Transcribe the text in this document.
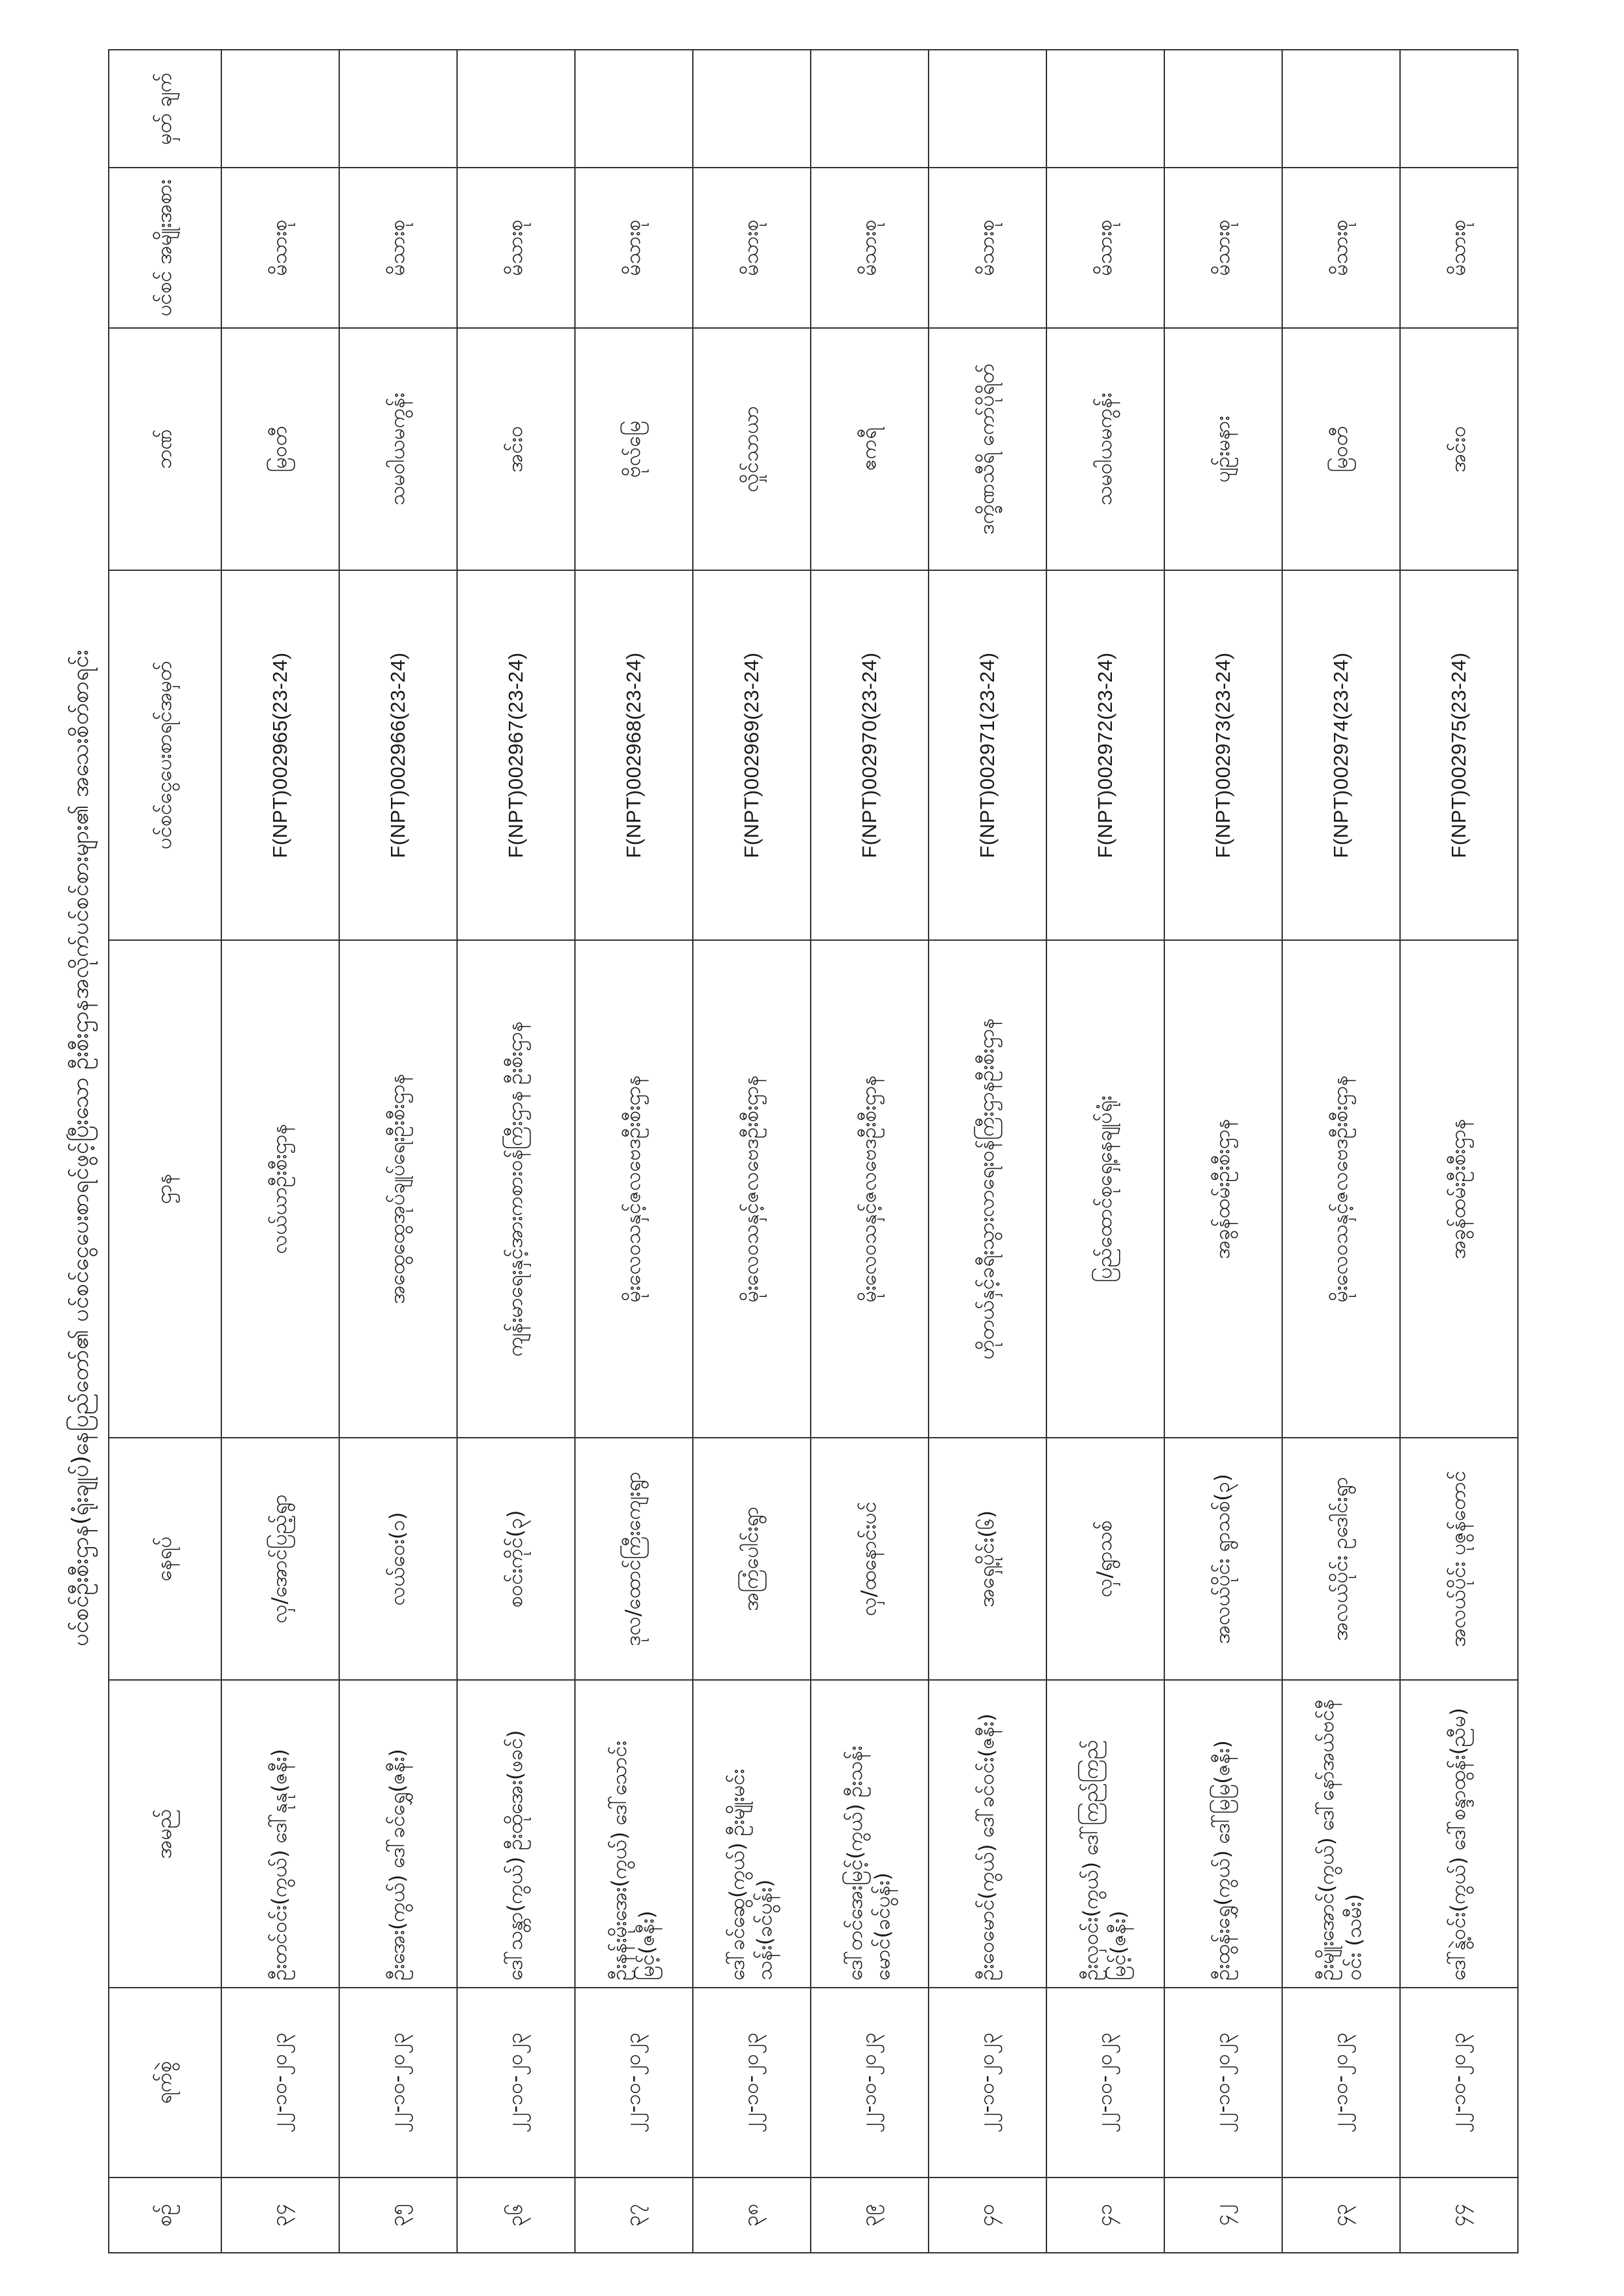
ပင်စင်ဦးစီးဌာန(ရုံးချုပ်)နေပြည်တော်၏ ပင်စင်ငွေပေးစာရင်ဖွင့်ပြီးသော ဦးစီးဌာနအလိုက်ပင်စင်စားများ၏ အသေးစိတ်စာရင်း
စဉ်	ရက်စွဲ	အမည်	နေရပ်	ဌာန	ပင်စင်ငွေပေးစာရင်အမှတ်	ဘဏ်	ပင်စင် အမျိုးအစား	မှတ် ချက်
၃၄	၂၂-၁၀-၂၀၂၃	ဦးတင်ဝင်း(ကွယ်) ဒေါ်နုနု(ဇနီး)	လှ/အောင်ပြည့်ရွာ	လယ်ယာဦးစီးဌာန	F(NPT)002965(23-24)	မြဝတီ	မိသားစု	
၃၅	၂၂-၁၀-၂၀၂၃	ဦးအေး(ကွယ်) ဒေါ်ခင်ရွှေ(ဇနီး)	လယ်ဝေး(၁)	အထွေထွေအုပ်ချုပ်ရေးဦးစီးဌာန	F(NPT)002966(23-24)	သမဝါယမကွန်း	မိသားစု	
၃၆	၂၂-၁၀-၂၀၂၃	ဒေါ်သန္တာ(ကွယ်) ဦးထိုအေး(ဖခင်)	စဝင်းကိုင်(၃)	ကျန်းမာရေးနှင့်အားကစားဝန်ကြီးဌာန ဦးစီးဌာန	F(NPT)002967(23-24)	အင်းဝ	မိသားစု	
၃၇	၂၂-၁၀-၂၀၂၃	ဦးနန်းမိုးအေး(ကွယ်) ဒေါ်သောင်းမြင့်(ဇနီး)	ဒုလ/ထောင်ကြီးကျေးရွာ	မိုးလေဝသနှင့်ဇလဗေဒဦးစီးဌာန	F(NPT)002968(23-24)	ဗိုလ်မြေ	မိသားစု	
၃၈	၂၂-၁၀-၂၀၂၃	ဒေါ်ခင်ဆွေ(ကွယ်) ဦးမျိုးမင်းသန်း(ခင်ပွန်း)	အကြံပေါင်းရွာ	မိုးလေဝသနှင့်ဇလဗေဒဦးစီးဌာန	F(NPT)002969(23-24)	လှိုင်သာယာ	မိသားစု	
၃၉	၂၂-၁၀-၂၀၂၃	ဒေါ်တင်အေးမြင့်(ကွယ်) ဦးသန်းမောင်(ခင်ပွန်း)	လှ/ထနောင်းပင်	မိုးလေဝသနှင့်ဇလဗေဒဦးစီးဌာန	F(NPT)002970(23-24)	ဧကရီ	မိသားစု	
၄၀	၂၂-၁၀-၂၀၂၃	ဦးဝေမောင်(ကွယ်) ဒေါ်ခင်ဝင်း(ဇနီး)	အရှေ့ပိုင်း(၆)	ဟိုတယ်နှင့်ခရီးသွားလာရေးဝန်ကြီးဌာနဦးစီးဌာန	F(NPT)002971(23-24)	ဒက္ခိဏသီရိ ကော်ပိုရိတ်	မိသားစု	
၄၁	၂၂-၁၀-၂၀၂၃	ဦးလှဝင်း(ကွယ်) ဒေါ်ကြည်ကြည်မြင့်(ဇနီး)	လှ/ရွာသစ်	ပြည်ထောင်စုရှေ့နေချုပ်ရုံး	F(NPT)002972(23-24)	သမဝါယမကွန်း	မိသားစု	
၄၂	၂၂-၁၀-၂၀၂၃	ဦးထွန်းရွှေ(ကွယ်) ဒေါ်မြမြ(ဇနီး)	အလယ်ပိုင်း ရွာသစ်(၃)	အခွန်ထမ်းဦးစီးဌာန	F(NPT)002973(23-24)	ပျဉ်းမနား	မိသားစု	
၄၃	၂၂-၁၀-၂၀၂၃	ဦးမျိုးအောင်(ကွယ်) ဒေါ်နော်အယ်ဗင်နီဝင်း (သမီး)	အလယ်ပိုင်း ဥဒေါင်းရွာ	မိုးလေဝသနှင့်ဇလဗေဒဦးစီးဌာန	F(NPT)002974(23-24)	မြဝတီ	မိသားစု	
၄၄	၂၂-၁၀-၂၀၂၃	ဒေါ်နွဲ့ဝင်း(ကွယ်) ဒေါ်စန္ဒာထွန်း(ညီမ)	အလယ်ပိုင်း ပုဇွန်တောင်	အခွန်ထမ်းဦးစီးဌာန	F(NPT)002975(23-24)	အင်းဝ	မိသားစု	
